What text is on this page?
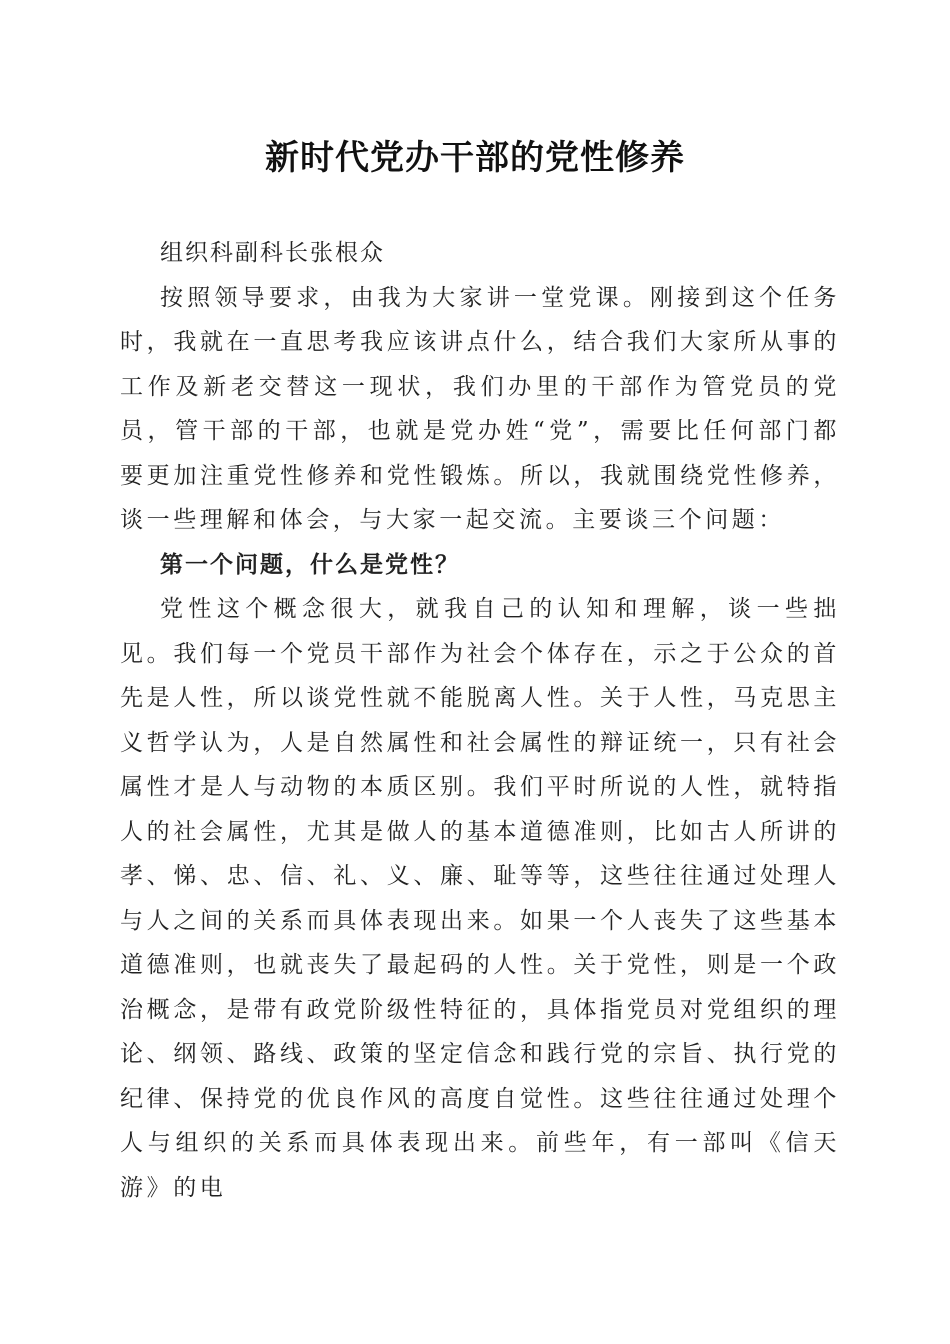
新时代党办干部的党性修养

组织科副科长张根众

按照领导要求，由我为大家讲一堂党课。刚接到这个任务时，我就在一直思考我应该讲点什么，结合我们大家所从事的工作及新老交替这一现状，我们办里的干部作为管党员的党员，管干部的干部，也就是党办姓“党”，需要比任何部门都要更加注重党性修养和党性锻炼。所以，我就围绕党性修养，谈一些理解和体会，与大家一起交流。主要谈三个问题：

第一个问题，什么是党性？

党性这个概念很大，就我自己的认知和理解，谈一些拙见。我们每一个党员干部作为社会个体存在，示之于公众的首先是人性，所以谈党性就不能脱离人性。关于人性，马克思主义哲学认为，人是自然属性和社会属性的辩证统一，只有社会属性才是人与动物的本质区别。我们平时所说的人性，就特指人的社会属性，尤其是做人的基本道德准则，比如古人所讲的孝、悌、忠、信、礼、义、廉、耻等等，这些往往通过处理人与人之间的关系而具体表现出来。如果一个人丧失了这些基本道德准则，也就丧失了最起码的人性。关于党性，则是一个政治概念，是带有政党阶级性特征的，具体指党员对党组织的理论、纲领、路线、政策的坚定信念和践行党的宗旨、执行党的纪律、保持党的优良作风的高度自觉性。这些往往通过处理个人与组织的关系而具体表现出来。前些年，有一部叫《信天游》的电
